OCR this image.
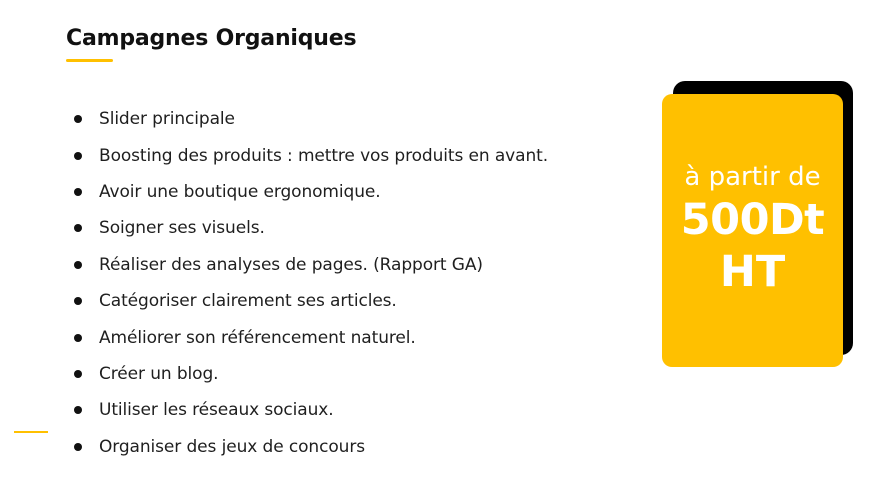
Campagnes Organiques
Slider principale
Boosting des produits : mettre vos produits en avant.
Avoir une boutique ergonomique.
Soigner ses visuels.
Réaliser des analyses de pages. (Rapport GA)
Catégoriser clairement ses articles.
Améliorer son référencement naturel.
Créer un blog.
Utiliser les réseaux sociaux.
Organiser des jeux de concours
à partir de
500Dt
HT
